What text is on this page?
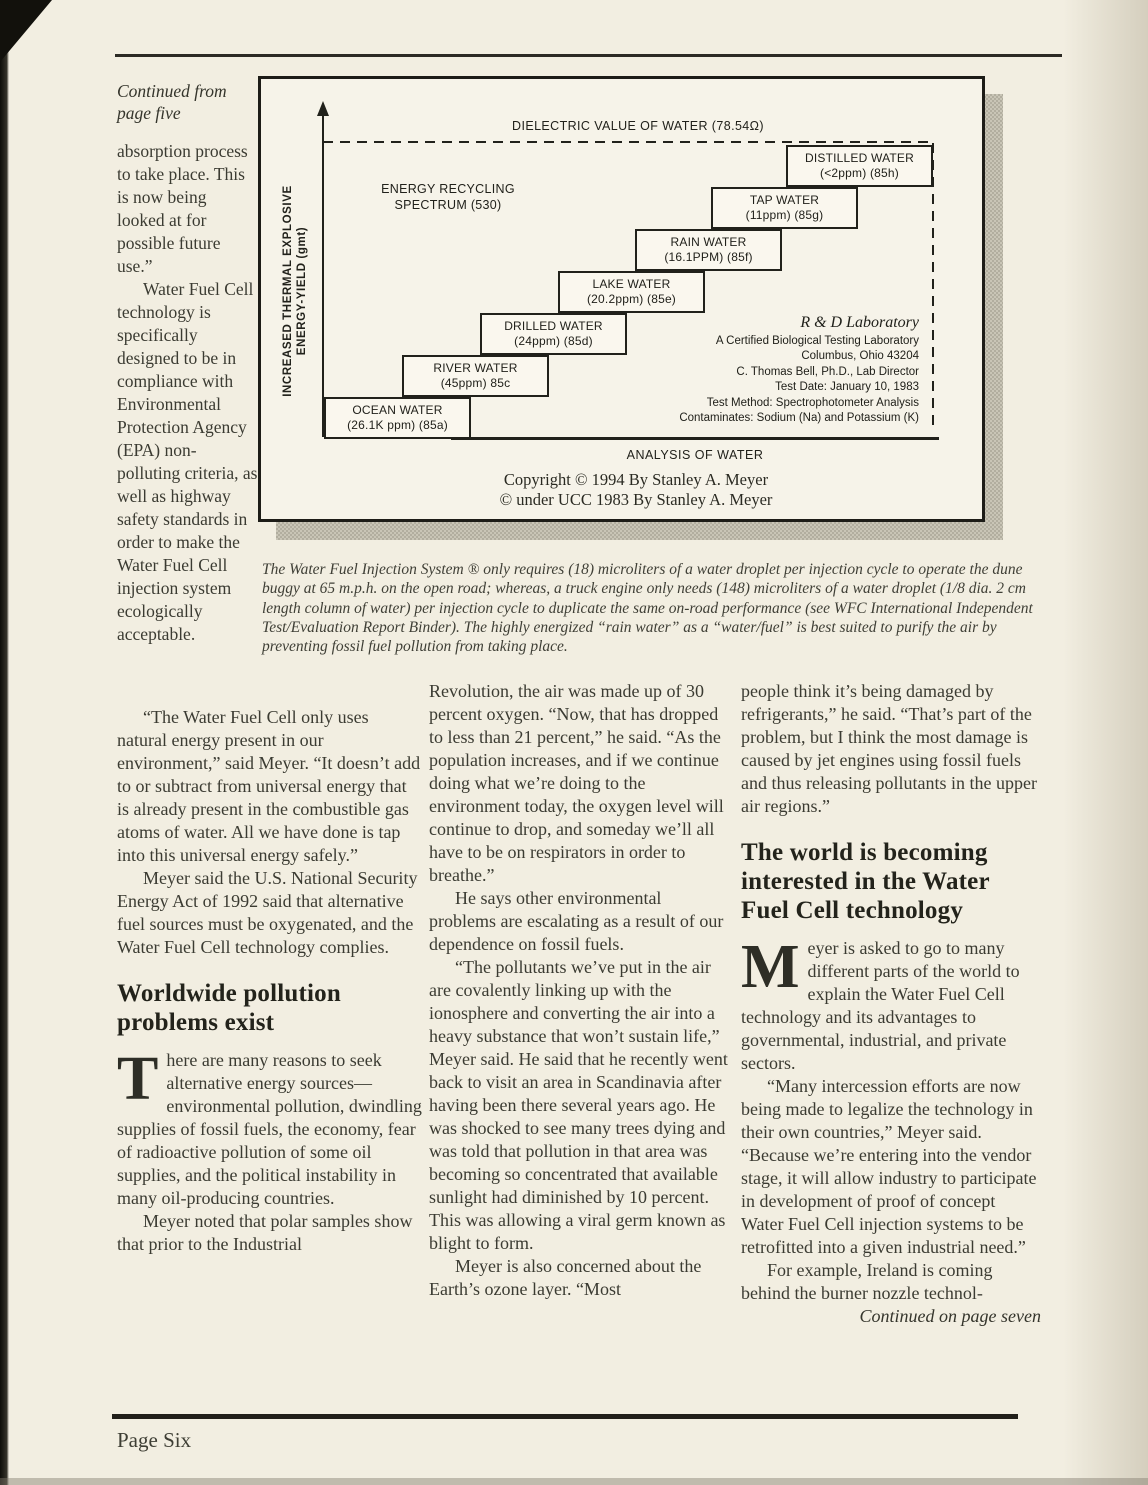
Continued from page five

absorption process to take place. This is now being looked at for possible future use.”

Water Fuel Cell technology is specifically designed to be in compliance with Environmental Protection Agency (EPA) non-polluting criteria, as well as highway safety standards in order to make the Water Fuel Cell injection system ecologically acceptable.

INCREASED THERMAL EXPLOSIVE ENERGY-YIELD (gmt)
DIELECTRIC VALUE OF WATER (78.54Ω)
ENERGY RECYCLING
SPECTRUM (530)
OCEAN WATER
(26.1K ppm) (85a)
RIVER WATER
(45ppm) 85c
DRILLED WATER
(24ppm) (85d)
LAKE WATER
(20.2ppm) (85e)
RAIN WATER
(16.1PPM) (85f)
TAP WATER
(11ppm) (85g)
DISTILLED WATER
(<2ppm) (85h)
R & D Laboratory
A Certified Biological Testing Laboratory
Columbus, Ohio 43204
C. Thomas Bell, Ph.D., Lab Director
Test Date: January 10, 1983
Test Method: Spectrophotometer Analysis
Contaminates: Sodium (Na) and Potassium (K)
ANALYSIS OF WATER
Copyright © 1994 By Stanley A. Meyer
© under UCC 1983 By Stanley A. Meyer

The Water Fuel Injection System ® only requires (18) microliters of a water droplet per injection cycle to operate the dune buggy at 65 m.p.h. on the open road; whereas, a truck engine only needs (148) microliters of a water droplet (1/8 dia. 2 cm length column of water) per injection cycle to duplicate the same on-road performance (see WFC International Independent Test/Evaluation Report Binder). The highly energized “rain water” as a “water/fuel” is best suited to purify the air by preventing fossil fuel pollution from taking place.

“The Water Fuel Cell only uses natural energy present in our environment,” said Meyer. “It doesn’t add to or subtract from universal energy that is already present in the combustible gas atoms of water. All we have done is tap into this universal energy safely.”

Meyer said the U.S. National Security Energy Act of 1992 said that alternative fuel sources must be oxygenated, and the Water Fuel Cell technology complies.

Worldwide pollution problems exist

There are many reasons to seek alternative energy sources—environmental pollution, dwindling supplies of fossil fuels, the economy, fear of radioactive pollution of some oil supplies, and the political instability in many oil-producing countries.

Meyer noted that polar samples show that prior to the Industrial

Revolution, the air was made up of 30 percent oxygen. “Now, that has dropped to less than 21 percent,” he said. “As the population increases, and if we continue doing what we’re doing to the environment today, the oxygen level will continue to drop, and someday we’ll all have to be on respirators in order to breathe.”

He says other environmental problems are escalating as a result of our dependence on fossil fuels.

“The pollutants we’ve put in the air are covalently linking up with the ionosphere and converting the air into a heavy substance that won’t sustain life,” Meyer said. He said that he recently went back to visit an area in Scandinavia after having been there several years ago. He was shocked to see many trees dying and was told that pollution in that area was becoming so concentrated that available sunlight had diminished by 10 percent. This was allowing a viral germ known as blight to form.

Meyer is also concerned about the Earth’s ozone layer. “Most

people think it’s being damaged by refrigerants,” he said. “That’s part of the problem, but I think the most damage is caused by jet engines using fossil fuels and thus releasing pollutants in the upper air regions.”

The world is becoming interested in the Water Fuel Cell technology

Meyer is asked to go to many different parts of the world to explain the Water Fuel Cell technology and its advantages to governmental, industrial, and private sectors.

“Many intercession efforts are now being made to legalize the technology in their own countries,” Meyer said. “Because we’re entering into the vendor stage, it will allow industry to participate in development of proof of concept Water Fuel Cell injection systems to be retrofitted into a given industrial need.”

For example, Ireland is coming behind the burner nozzle technol-

Continued on page seven

Page Six
